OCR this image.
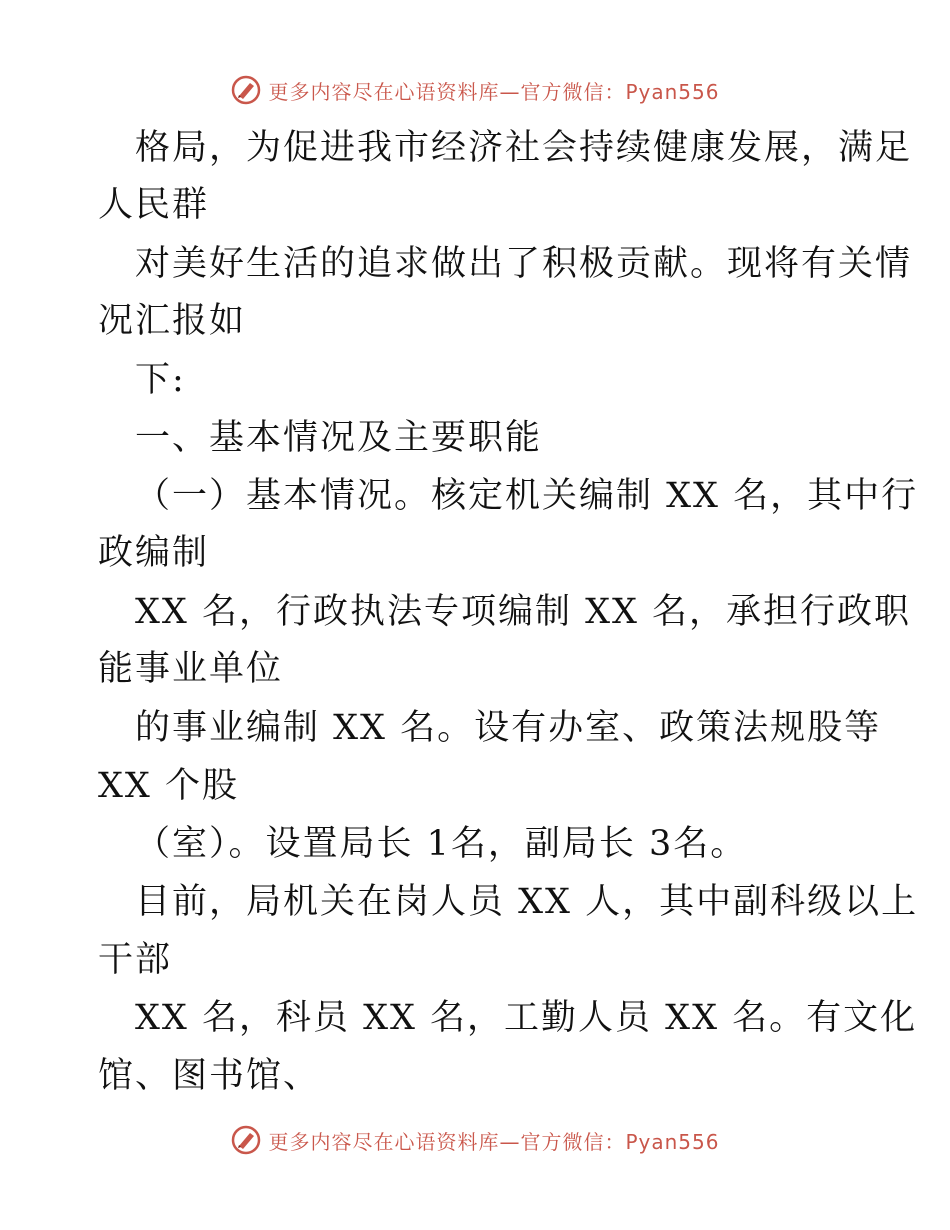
更多内容尽在心语资料库—官方微信：Pyan556
格局，为促进我市经济社会持续健康发展，满足
人民群
对美好生活的追求做出了积极贡献。现将有关情
况汇报如
下:
一、基本情况及主要职能
（一）基本情况。核定机关编制 XX 名，其中行
政编制
XX 名，行政执法专项编制 XX 名，承担行政职
能事业单位
的事业编制 XX 名。设有办室、政策法规股等
XX 个股
（室）。设置局长 1名，副局长 3名。
目前，局机关在岗人员 XX 人，其中副科级以上
干部
XX 名，科员 XX 名，工勤人员 XX 名。有文化
馆、图书馆、
更多内容尽在心语资料库—官方微信：Pyan556
